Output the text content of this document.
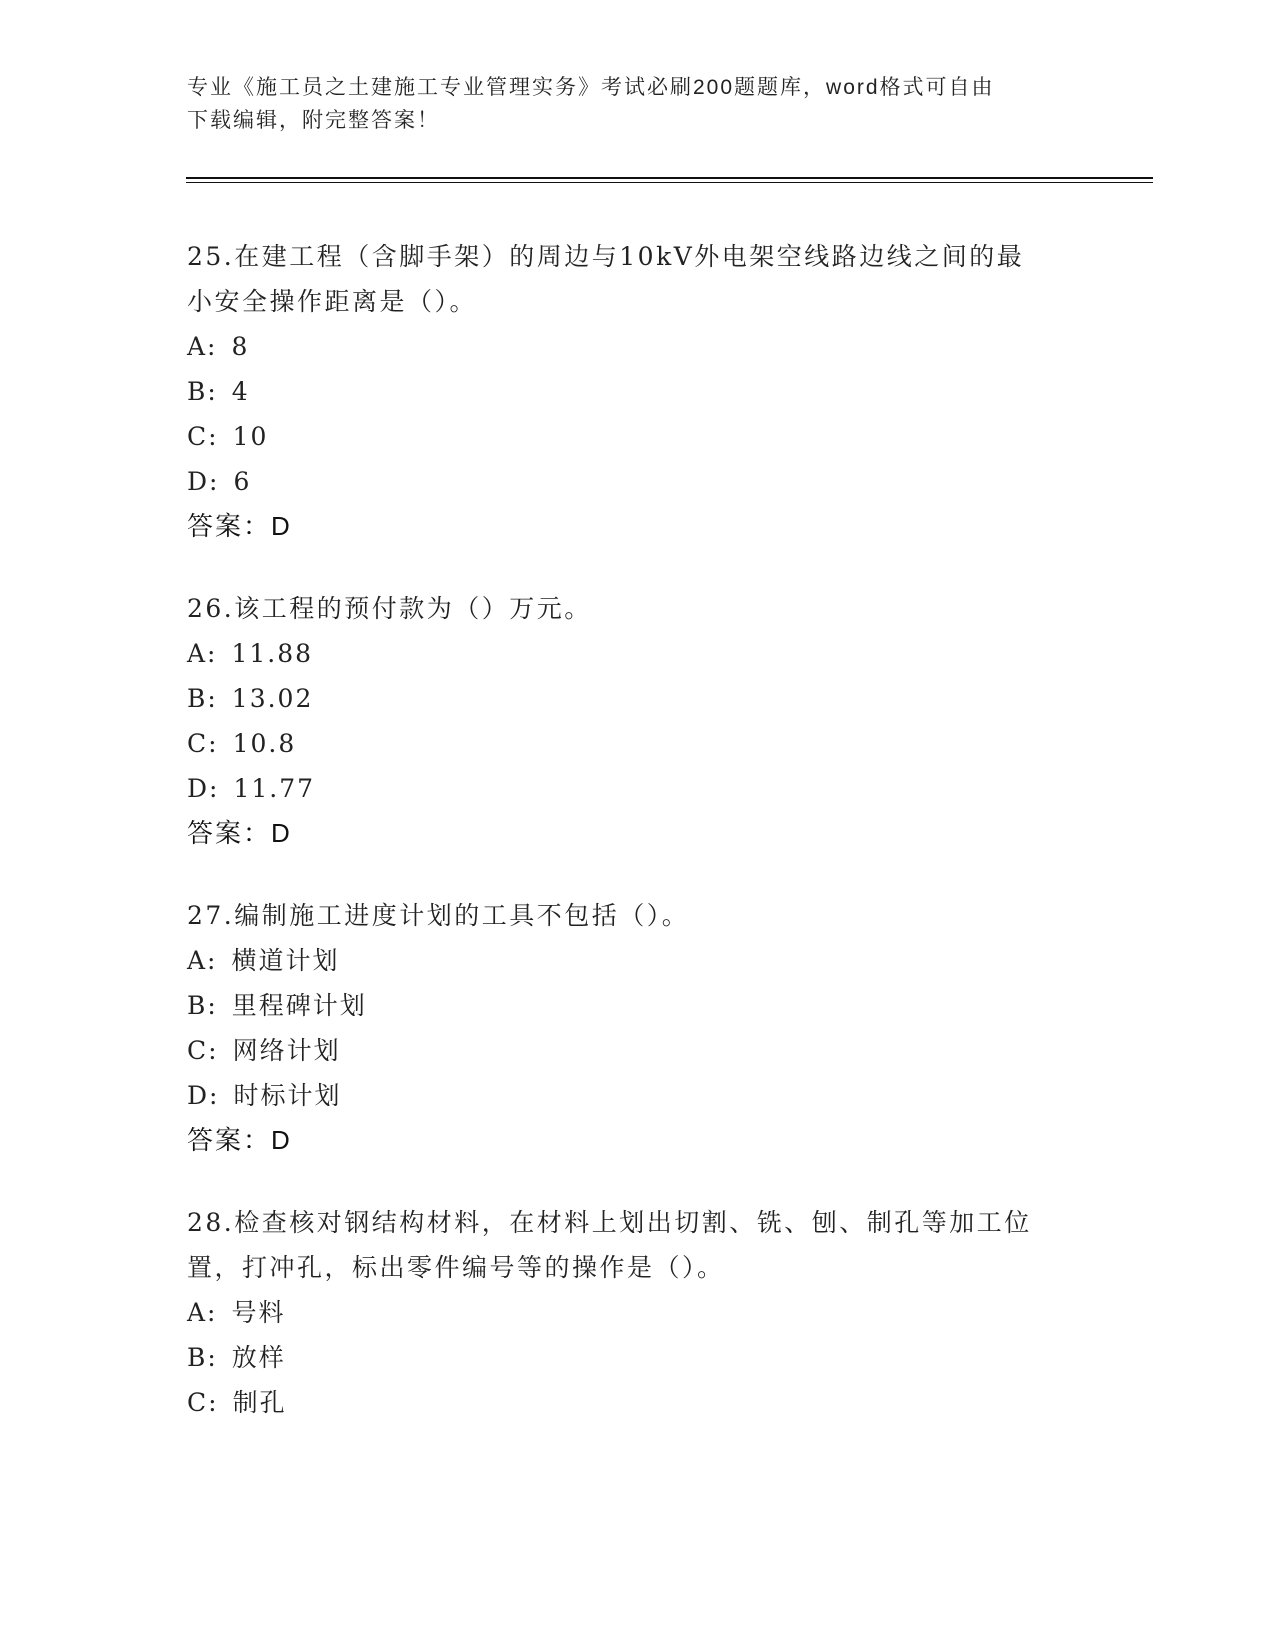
专业《施工员之土建施工专业管理实务》考试必刷200题题库，word格式可自由
下载编辑，附完整答案！
25.在建工程（含脚手架）的周边与10kV外电架空线路边线之间的最
小安全操作距离是（）。
A: 8
B: 4
C: 10
D: 6
答案：D
26.该工程的预付款为（）万元。
A: 11.88
B: 13.02
C: 10.8
D: 11.77
答案：D
27.编制施工进度计划的工具不包括（）。
A: 横道计划
B: 里程碑计划
C: 网络计划
D: 时标计划
答案：D
28.检查核对钢结构材料，在材料上划出切割、铣、刨、制孔等加工位
置，打冲孔，标出零件编号等的操作是（）。
A: 号料
B: 放样
C: 制孔
